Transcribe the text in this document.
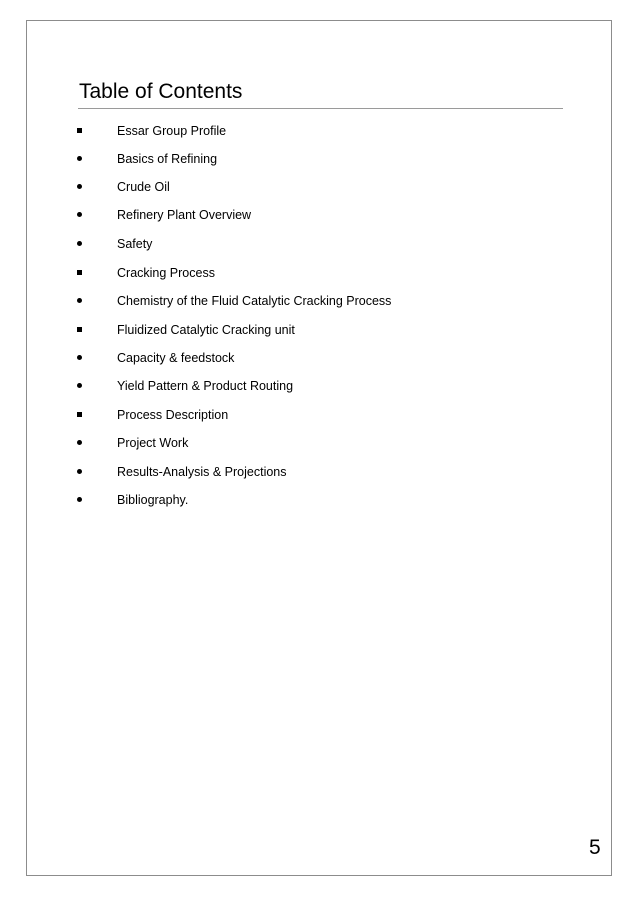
Table of Contents
Essar Group Profile
Basics of Refining
Crude Oil
Refinery Plant Overview
Safety
Cracking Process
Chemistry of the Fluid Catalytic Cracking Process
Fluidized Catalytic Cracking unit
Capacity & feedstock
Yield Pattern & Product Routing
Process Description
Project Work
Results-Analysis & Projections
Bibliography.
5
